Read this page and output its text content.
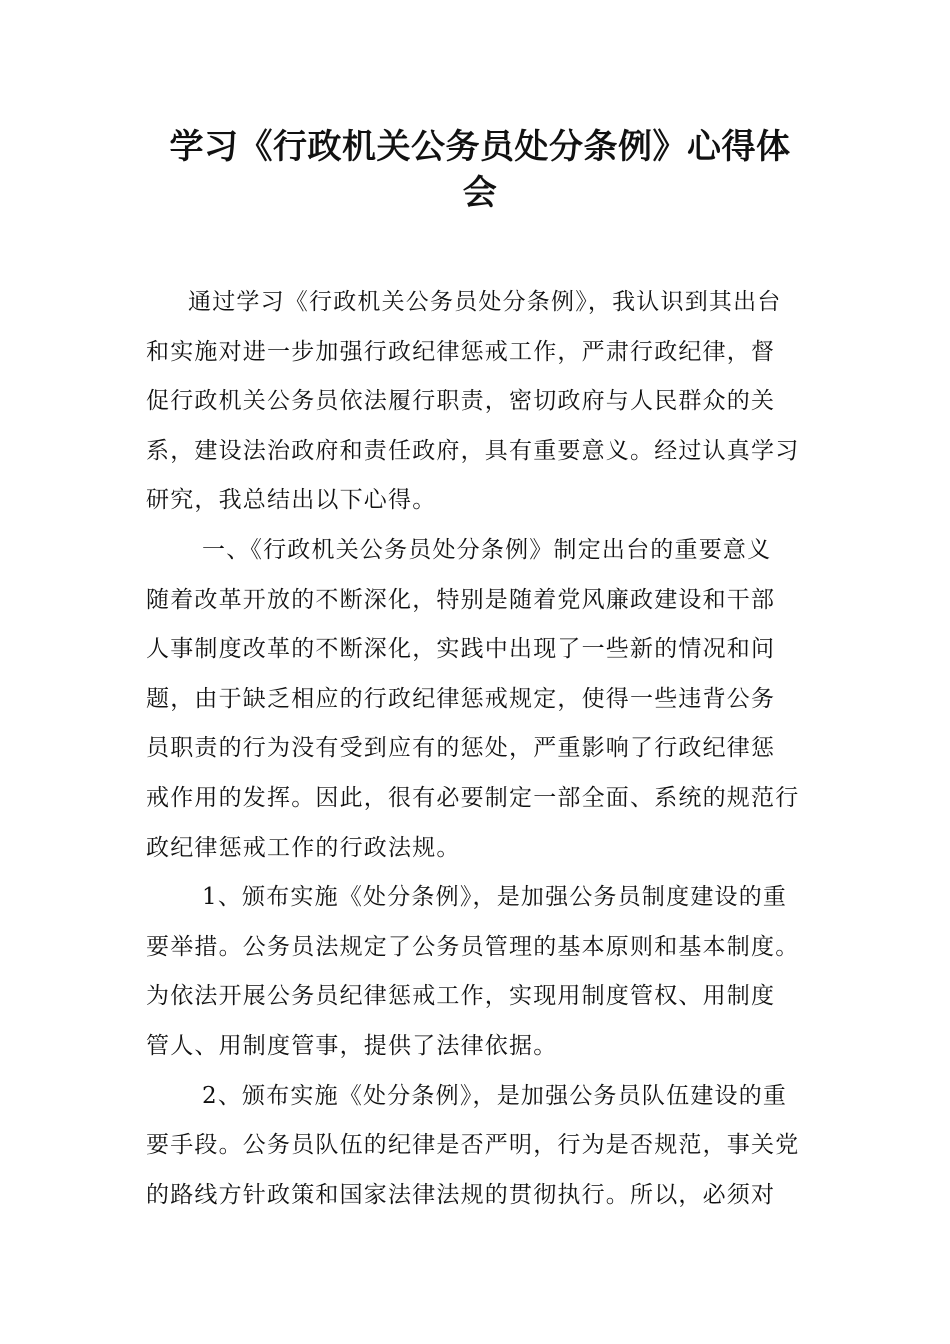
学习《行政机关公务员处分条例》心得体
会

通过学习《行政机关公务员处分条例》，我认识到其出台
和实施对进一步加强行政纪律惩戒工作，严肃行政纪律，督
促行政机关公务员依法履行职责，密切政府与人民群众的关
系，建设法治政府和责任政府，具有重要意义。经过认真学习
研究，我总结出以下心得。

一、《行政机关公务员处分条例》制定出台的重要意义
随着改革开放的不断深化，特别是随着党风廉政建设和干部
人事制度改革的不断深化，实践中出现了一些新的情况和问
题，由于缺乏相应的行政纪律惩戒规定，使得一些违背公务
员职责的行为没有受到应有的惩处，严重影响了行政纪律惩
戒作用的发挥。因此，很有必要制定一部全面、系统的规范行
政纪律惩戒工作的行政法规。

1、颁布实施《处分条例》，是加强公务员制度建设的重
要举措。公务员法规定了公务员管理的基本原则和基本制度。
为依法开展公务员纪律惩戒工作，实现用制度管权、用制度
管人、用制度管事，提供了法律依据。

2、颁布实施《处分条例》，是加强公务员队伍建设的重
要手段。公务员队伍的纪律是否严明，行为是否规范，事关党
的路线方针政策和国家法律法规的贯彻执行。所以，必须对
